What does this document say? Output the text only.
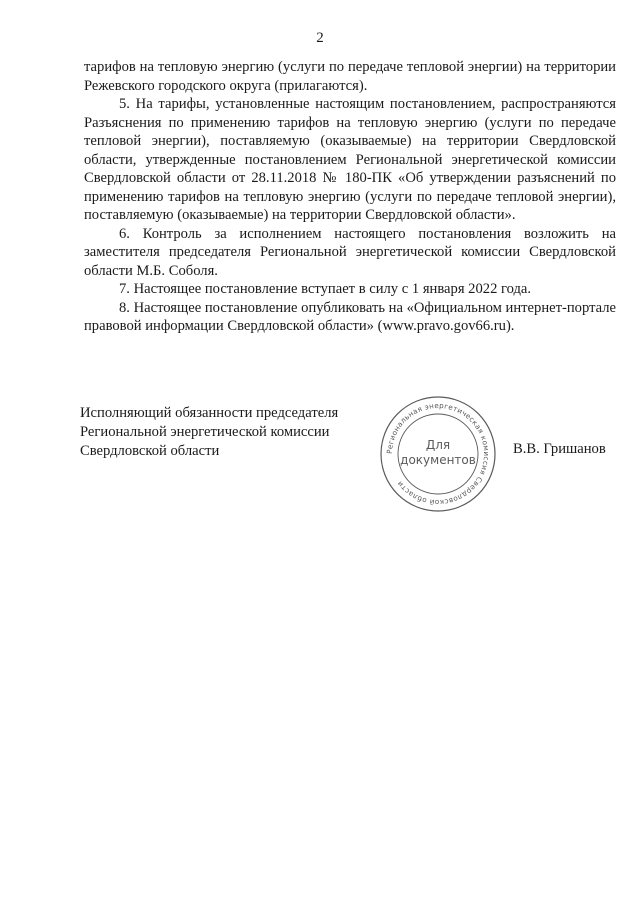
2

тарифов на тепловую энергию (услуги по передаче тепловой энергии) на территории Режевского городского округа (прилагаются).

5. На тарифы, установленные настоящим постановлением, распространяются Разъяснения по применению тарифов на тепловую энергию (услуги по передаче тепловой энергии), поставляемую (оказываемые) на территории Свердловской области, утвержденные постановлением Региональной энергетической комиссии Свердловской области от 28.11.2018 № 180-ПК «Об утверждении разъяснений по применению тарифов на тепловую энергию (услуги по передаче тепловой энергии), поставляемую (оказываемые) на территории Свердловской области».

6. Контроль за исполнением настоящего постановления возложить на заместителя председателя Региональной энергетической комиссии Свердловской области М.Б. Соболя.

7. Настоящее постановление вступает в силу с 1 января 2022 года.

8. Настоящее постановление опубликовать на «Официальном интернет-портале правовой информации Свердловской области» (www.pravo.gov66.ru).

Исполняющий обязанности председателя
Региональной энергетической комиссии
Свердловской области	Региональная энергетическая комиссия Свердловской области
Для
документов
В.В. Гришанов
